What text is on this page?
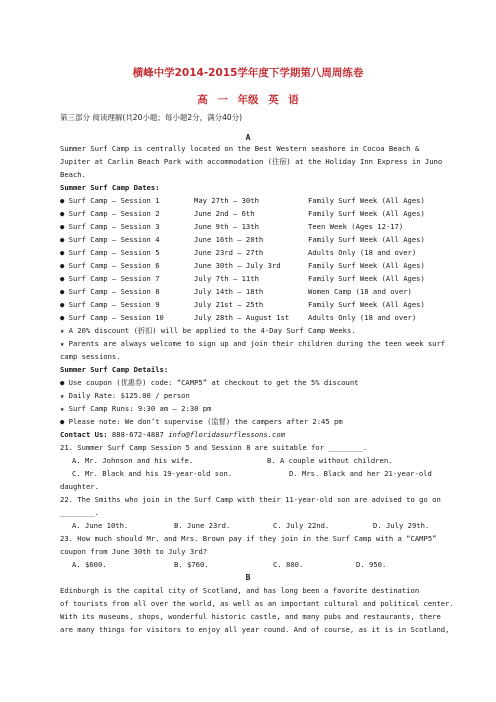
横峰中学2014-2015学年度下学期第八周周练卷
高 一 年级 英 语
第三部分 阅读理解(共20小题；每小题2分，满分40分)
A
Summer Surf Camp is centrally located on the Best Western seashore in Cocoa Beach &
Jupiter at Carlin Beach Park with accommodation (住宿) at the Holiday Inn Express in Juno
Beach.
Summer Surf Camp Dates:
● Surf Camp — Session 1	May 27th — 30th	Family Surf Week (All Ages)
● Surf Camp — Session 2	June 2nd — 6th	Family Surf Week (All Ages)
● Surf Camp — Session 3	June 9th — 13th	Teen Week (Ages 12-17)
● Surf Camp — Session 4	June 16th — 20th	Family Surf Week (All Ages)
● Surf Camp — Session 5	June 23rd — 27th	Adults Only (18 and over)
● Surf Camp — Session 6	June 30th — July 3rd	Family Surf Week (All Ages)
● Surf Camp — Session 7	July 7th — 11th	Family Surf Week (All Ages)
● Surf Camp — Session 8	July 14th — 18th	Women Camp (18 and over)
● Surf Camp — Session 9	July 21st — 25th	Family Surf Week (All Ages)
● Surf Camp — Session 10	July 28th — August 1st	Adults Only (18 and over)
★ A 20% discount (折扣) will be applied to the 4-Day Surf Camp Weeks.
★ Parents are always welcome to sign up and join their children during the teen week surf
camp sessions.
Summer Surf Camp Details:
● Use coupon (优惠券) code: “CAMP5” at checkout to get the 5% discount
★ Daily Rate: $125.00 / person
★ Surf Camp Runs: 9:30 am — 2:30 pm
● Please note: We don’t supervise (监督) the campers after 2:45 pm
Contact Us: 888-672-4887 info@floridasurflessons.com
21. Summer Surf Camp Session 5 and Session 8 are suitable for ________.
A. Mr. Johnson and his wife.	B. A couple without children.
C. Mr. Black and his 19-year-old son.	D. Mrs. Black and her 21-year-old
daughter.
22. The Smiths who join in the Surf Camp with their 11-year-old son are advised to go on
________.
A. June 10th.	B. June 23rd.	C. July 22nd.	D. July 29th.
23. How much should Mr. and Mrs. Brown pay if they join in the Surf Camp with a “CAMP5”
coupon from June 30th to July 3rd?
A. $600.	B. $760.	C. 800.	D. 950.
B
Edinburgh is the capital city of Scotland, and has long been a favorite destination
of tourists from all over the world, as well as an important cultural and political center.
With its museums, shops, wonderful historic castle, and many pubs and restaurants, there
are many things for visitors to enjoy all year round. And of course, as it is in Scotland,
